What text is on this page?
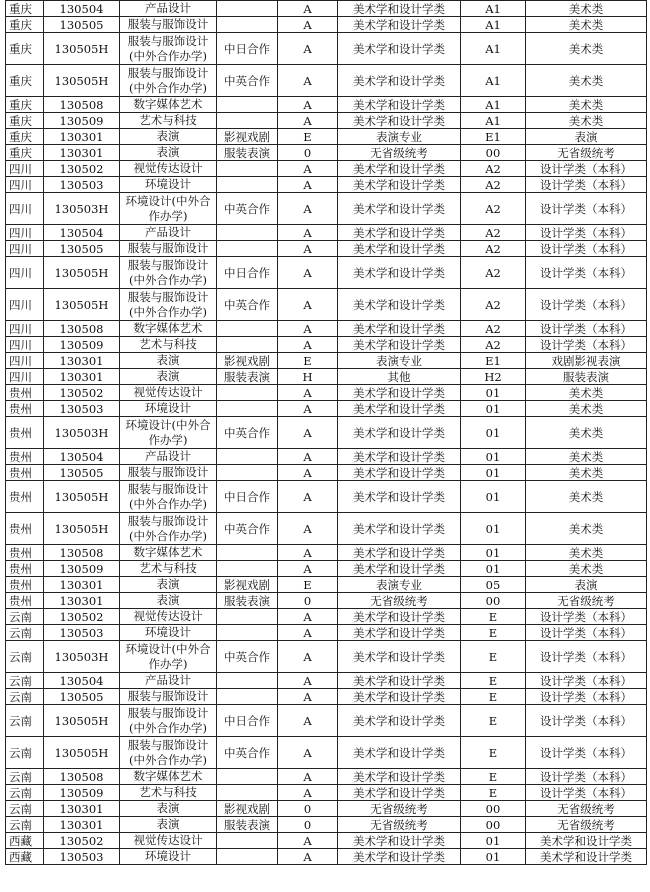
重庆	130504	产品设计		A	美术学和设计学类	A1	美术类
重庆	130505	服装与服饰设计		A	美术学和设计学类	A1	美术类
重庆	130505H	服装与服饰设计(中外合作办学)	中日合作	A	美术学和设计学类	A1	美术类
重庆	130505H	服装与服饰设计(中外合作办学)	中英合作	A	美术学和设计学类	A1	美术类
重庆	130508	数字媒体艺术		A	美术学和设计学类	A1	美术类
重庆	130509	艺术与科技		A	美术学和设计学类	A1	美术类
重庆	130301	表演	影视戏剧	E	表演专业	E1	表演
重庆	130301	表演	服装表演	0	无省级统考	00	无省级统考
四川	130502	视觉传达设计		A	美术学和设计学类	A2	设计学类（本科）
四川	130503	环境设计		A	美术学和设计学类	A2	设计学类（本科）
四川	130503H	环境设计(中外合作办学)	中英合作	A	美术学和设计学类	A2	设计学类（本科）
四川	130504	产品设计		A	美术学和设计学类	A2	设计学类（本科）
四川	130505	服装与服饰设计		A	美术学和设计学类	A2	设计学类（本科）
四川	130505H	服装与服饰设计(中外合作办学)	中日合作	A	美术学和设计学类	A2	设计学类（本科）
四川	130505H	服装与服饰设计(中外合作办学)	中英合作	A	美术学和设计学类	A2	设计学类（本科）
四川	130508	数字媒体艺术		A	美术学和设计学类	A2	设计学类（本科）
四川	130509	艺术与科技		A	美术学和设计学类	A2	设计学类（本科）
四川	130301	表演	影视戏剧	E	表演专业	E1	戏剧影视表演
四川	130301	表演	服装表演	H	其他	H2	服装表演
贵州	130502	视觉传达设计		A	美术学和设计学类	01	美术类
贵州	130503	环境设计		A	美术学和设计学类	01	美术类
贵州	130503H	环境设计(中外合作办学)	中英合作	A	美术学和设计学类	01	美术类
贵州	130504	产品设计		A	美术学和设计学类	01	美术类
贵州	130505	服装与服饰设计		A	美术学和设计学类	01	美术类
贵州	130505H	服装与服饰设计(中外合作办学)	中日合作	A	美术学和设计学类	01	美术类
贵州	130505H	服装与服饰设计(中外合作办学)	中英合作	A	美术学和设计学类	01	美术类
贵州	130508	数字媒体艺术		A	美术学和设计学类	01	美术类
贵州	130509	艺术与科技		A	美术学和设计学类	01	美术类
贵州	130301	表演	影视戏剧	E	表演专业	05	表演
贵州	130301	表演	服装表演	0	无省级统考	00	无省级统考
云南	130502	视觉传达设计		A	美术学和设计学类	E	设计学类（本科）
云南	130503	环境设计		A	美术学和设计学类	E	设计学类（本科）
云南	130503H	环境设计(中外合作办学)	中英合作	A	美术学和设计学类	E	设计学类（本科）
云南	130504	产品设计		A	美术学和设计学类	E	设计学类（本科）
云南	130505	服装与服饰设计		A	美术学和设计学类	E	设计学类（本科）
云南	130505H	服装与服饰设计(中外合作办学)	中日合作	A	美术学和设计学类	E	设计学类（本科）
云南	130505H	服装与服饰设计(中外合作办学)	中英合作	A	美术学和设计学类	E	设计学类（本科）
云南	130508	数字媒体艺术		A	美术学和设计学类	E	设计学类（本科）
云南	130509	艺术与科技		A	美术学和设计学类	E	设计学类（本科）
云南	130301	表演	影视戏剧	0	无省级统考	00	无省级统考
云南	130301	表演	服装表演	0	无省级统考	00	无省级统考
西藏	130502	视觉传达设计		A	美术学和设计学类	01	美术学和设计学类
西藏	130503	环境设计		A	美术学和设计学类	01	美术学和设计学类
